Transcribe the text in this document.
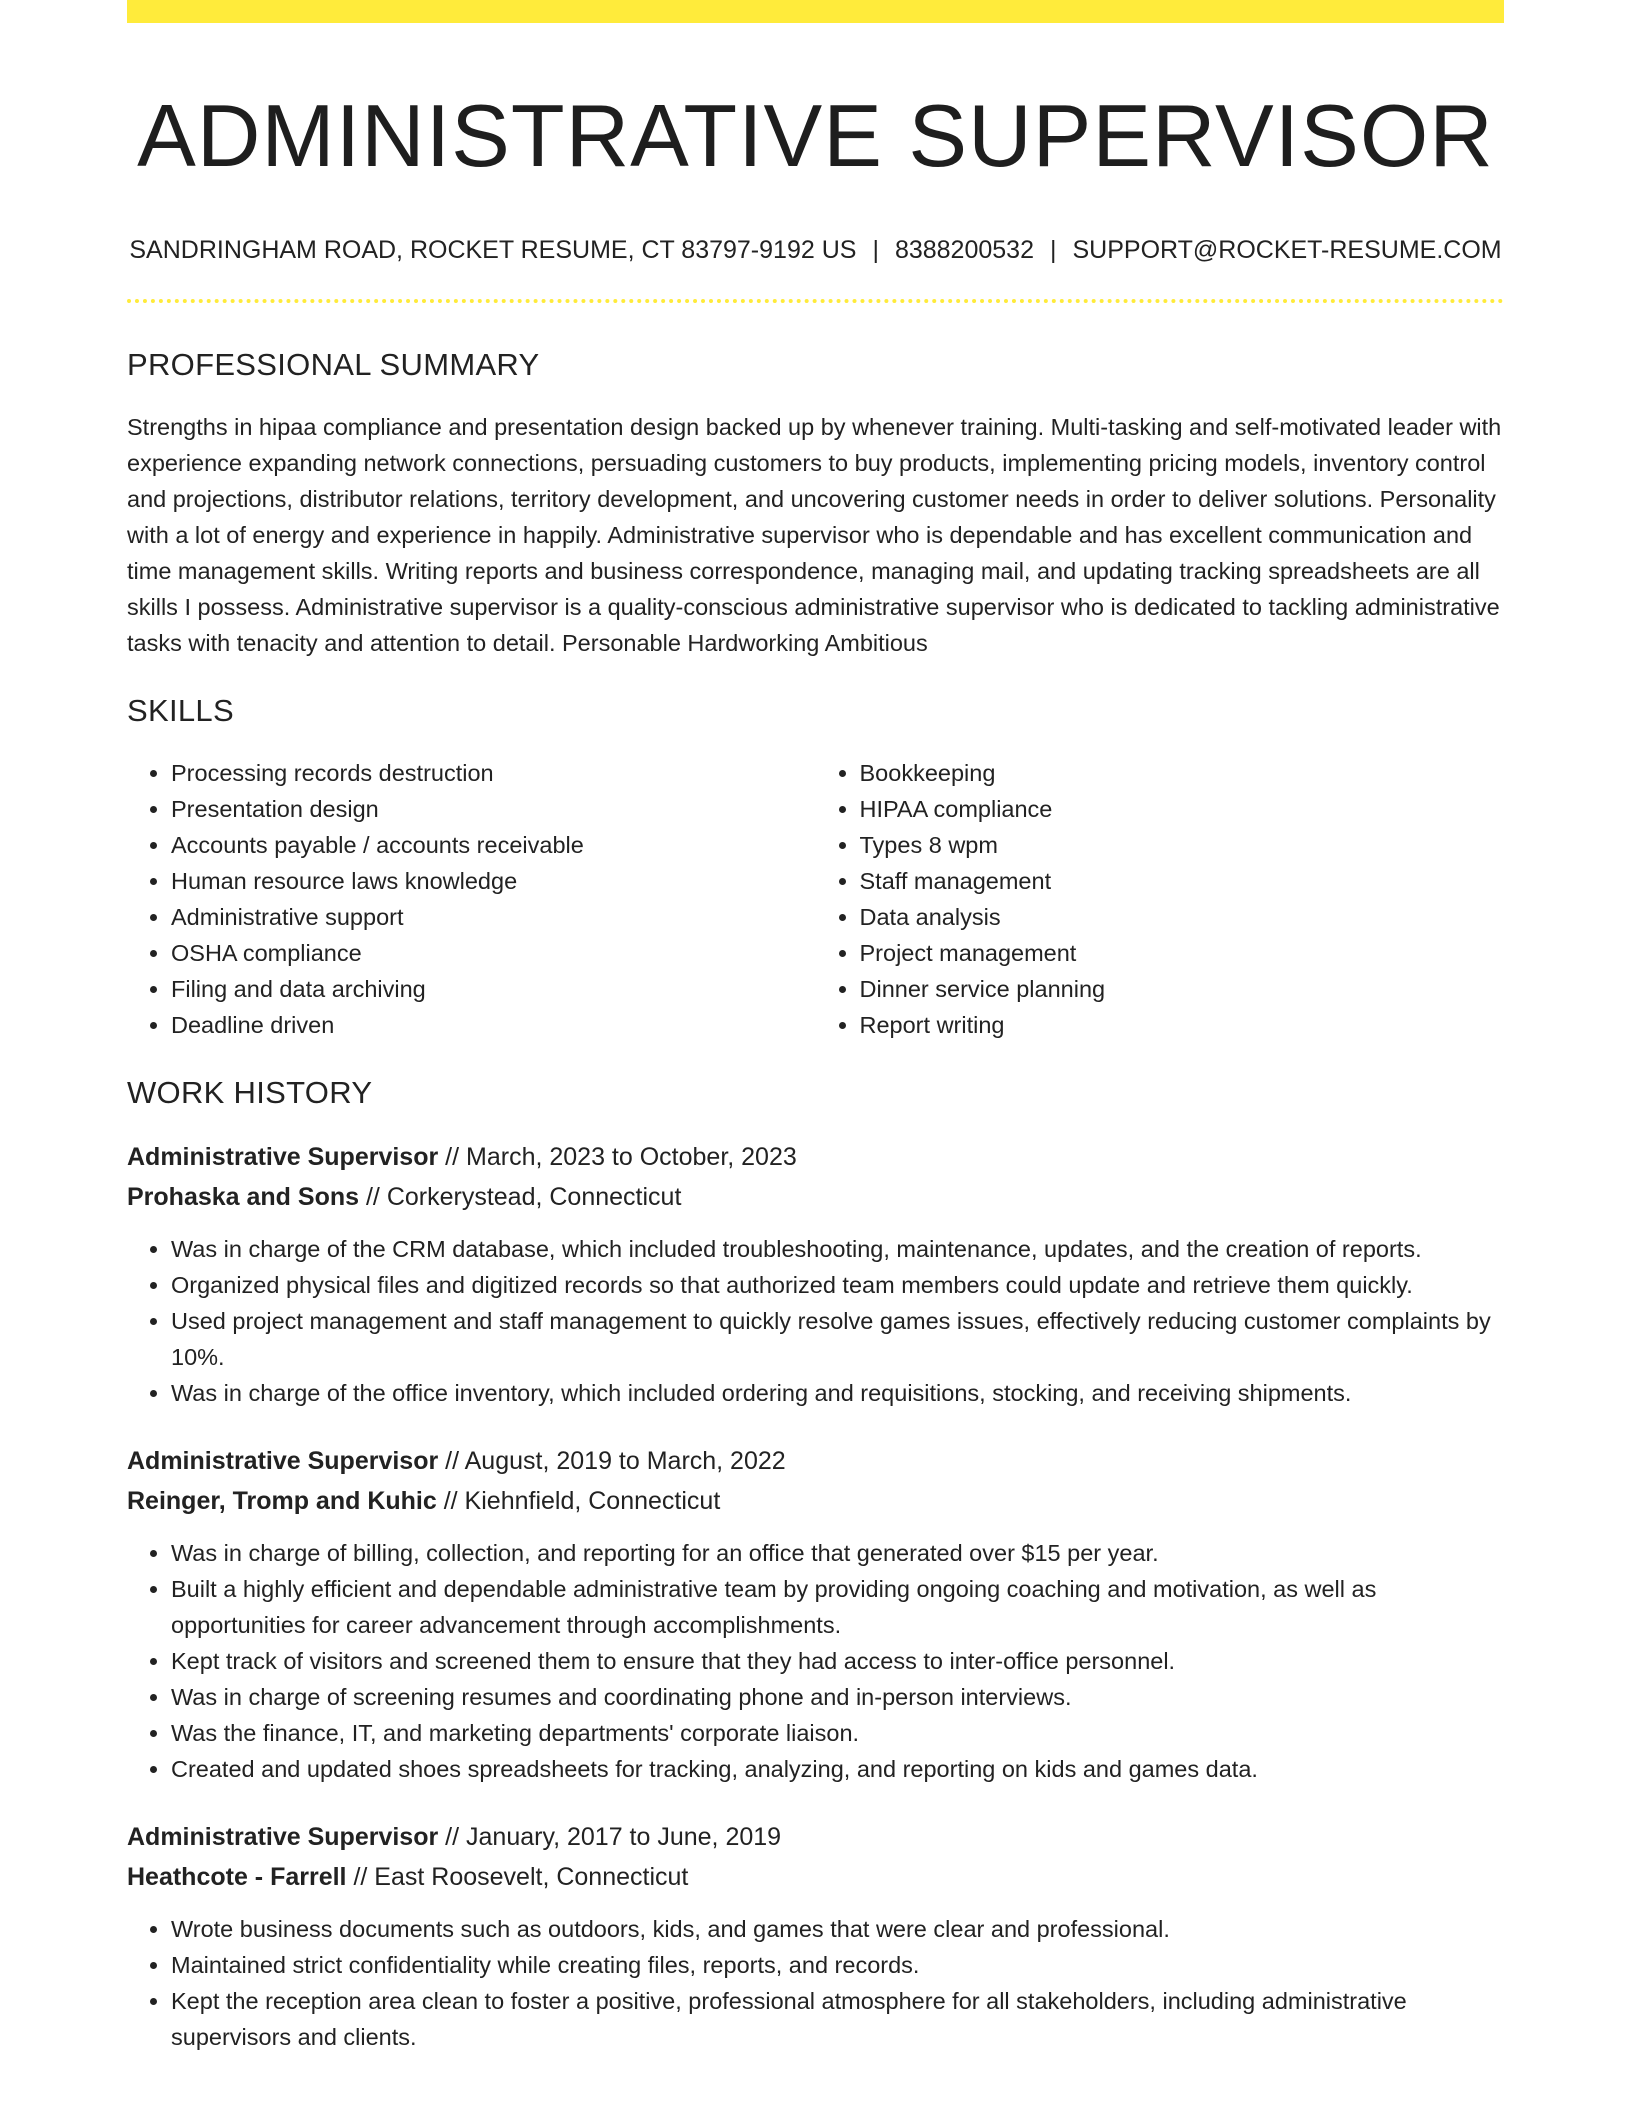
ADMINISTRATIVE SUPERVISOR
SANDRINGHAM ROAD, ROCKET RESUME, CT 83797-9192 US | 8388200532 | SUPPORT@ROCKET-RESUME.COM
PROFESSIONAL SUMMARY

Strengths in hipaa compliance and presentation design backed up by whenever training. Multi-tasking and self-motivated leader with experience expanding network connections, persuading customers to buy products, implementing pricing models, inventory control and projections, distributor relations, territory development, and uncovering customer needs in order to deliver solutions. Personality with a lot of energy and experience in happily. Administrative supervisor who is dependable and has excellent communication and time management skills. Writing reports and business correspondence, managing mail, and updating tracking spreadsheets are all skills I possess. Administrative supervisor is a quality-conscious administrative supervisor who is dedicated to tackling administrative tasks with tenacity and attention to detail. Personable Hardworking Ambitious

SKILLS
• Processing records destruction
• Presentation design
• Accounts payable / accounts receivable
• Human resource laws knowledge
• Administrative support
• OSHA compliance
• Filing and data archiving
• Deadline driven
• Bookkeeping
• HIPAA compliance
• Types 8 wpm
• Staff management
• Data analysis
• Project management
• Dinner service planning
• Report writing
WORK HISTORY
Administrative Supervisor // March, 2023 to October, 2023
Prohaska and Sons // Corkerystead, Connecticut
• Was in charge of the CRM database, which included troubleshooting, maintenance, updates, and the creation of reports.
• Organized physical files and digitized records so that authorized team members could update and retrieve them quickly.
• Used project management and staff management to quickly resolve games issues, effectively reducing customer complaints by 10%.
• Was in charge of the office inventory, which included ordering and requisitions, stocking, and receiving shipments.
Administrative Supervisor // August, 2019 to March, 2022
Reinger, Tromp and Kuhic // Kiehnfield, Connecticut
• Was in charge of billing, collection, and reporting for an office that generated over $15 per year.
• Built a highly efficient and dependable administrative team by providing ongoing coaching and motivation, as well as opportunities for career advancement through accomplishments.
• Kept track of visitors and screened them to ensure that they had access to inter-office personnel.
• Was in charge of screening resumes and coordinating phone and in-person interviews.
• Was the finance, IT, and marketing departments' corporate liaison.
• Created and updated shoes spreadsheets for tracking, analyzing, and reporting on kids and games data.
Administrative Supervisor // January, 2017 to June, 2019
Heathcote - Farrell // East Roosevelt, Connecticut
• Wrote business documents such as outdoors, kids, and games that were clear and professional.
• Maintained strict confidentiality while creating files, reports, and records.
• Kept the reception area clean to foster a positive, professional atmosphere for all stakeholders, including administrative supervisors and clients.
